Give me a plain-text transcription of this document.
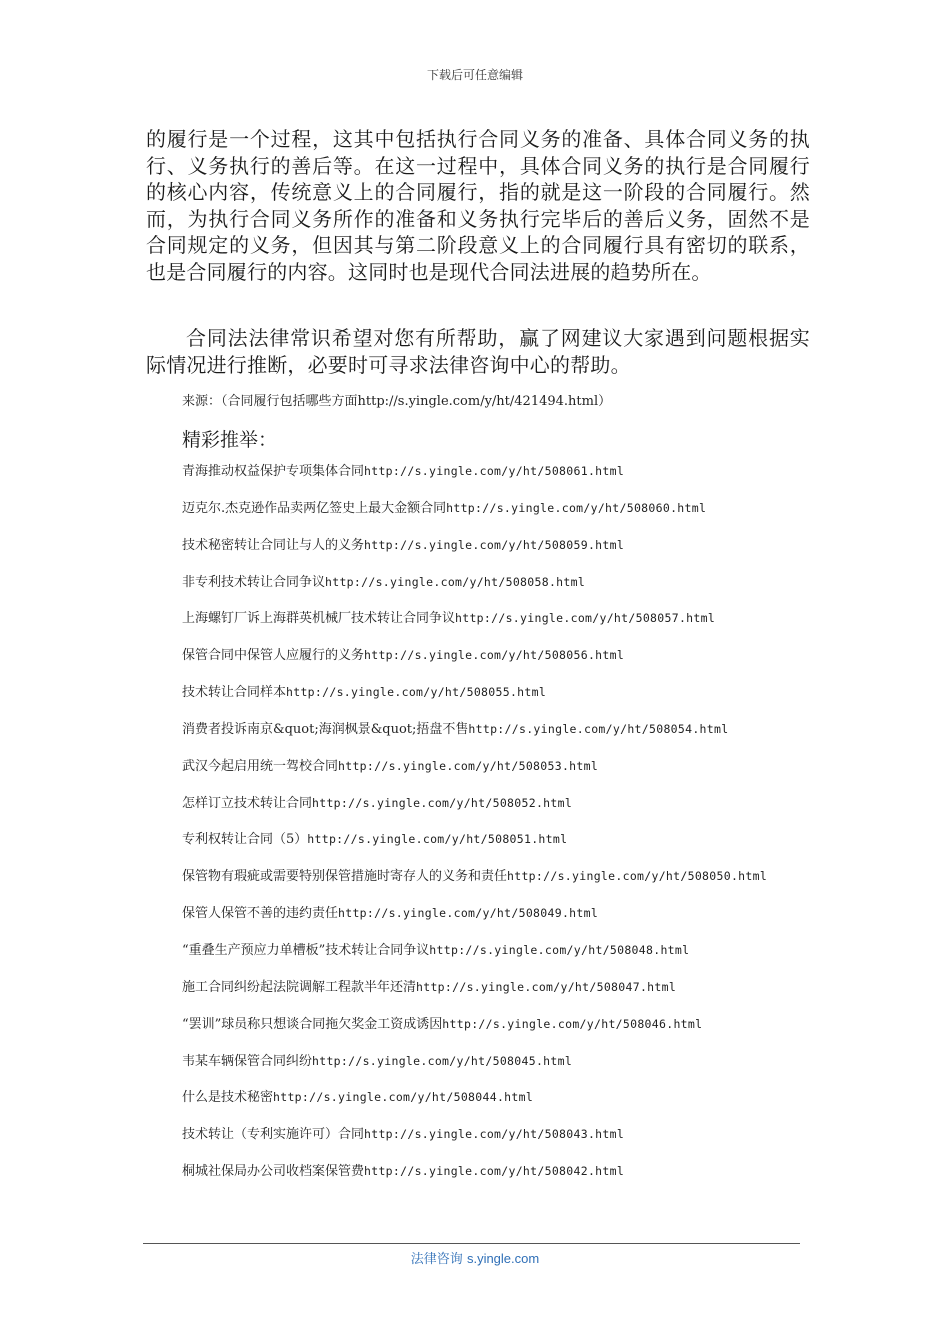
下载后可任意编辑
的履行是一个过程，这其中包括执行合同义务的准备、具体合同义务的执行、义务执行的善后等。在这一过程中，具体合同义务的执行是合同履行的核心内容，传统意义上的合同履行，指的就是这一阶段的合同履行。然而，为执行合同义务所作的准备和义务执行完毕后的善后义务，固然不是合同规定的义务，但因其与第二阶段意义上的合同履行具有密切的联系，也是合同履行的内容。这同时也是现代合同法进展的趋势所在。
合同法法律常识希望对您有所帮助，赢了网建议大家遇到问题根据实际情况进行推断，必要时可寻求法律咨询中心的帮助。
来源：（合同履行包括哪些方面http://s.yingle.com/y/ht/421494.html）
精彩推举：
青海推动权益保护专项集体合同http://s.yingle.com/y/ht/508061.html
迈克尔.杰克逊作品卖两亿签史上最大金额合同http://s.yingle.com/y/ht/508060.html
技术秘密转让合同让与人的义务http://s.yingle.com/y/ht/508059.html
非专利技术转让合同争议http://s.yingle.com/y/ht/508058.html
上海螺钉厂诉上海群英机械厂技术转让合同争议http://s.yingle.com/y/ht/508057.html
保管合同中保管人应履行的义务http://s.yingle.com/y/ht/508056.html
技术转让合同样本http://s.yingle.com/y/ht/508055.html
消费者投诉南京&quot;海润枫景&quot;捂盘不售http://s.yingle.com/y/ht/508054.html
武汉今起启用统一驾校合同http://s.yingle.com/y/ht/508053.html
怎样订立技术转让合同http://s.yingle.com/y/ht/508052.html
专利权转让合同（5）http://s.yingle.com/y/ht/508051.html
保管物有瑕疵或需要特别保管措施时寄存人的义务和责任http://s.yingle.com/y/ht/508050.html
保管人保管不善的违约责任http://s.yingle.com/y/ht/508049.html
“重叠生产预应力单槽板”技术转让合同争议http://s.yingle.com/y/ht/508048.html
施工合同纠纷起法院调解工程款半年还清http://s.yingle.com/y/ht/508047.html
“罢训”球员称只想谈合同拖欠奖金工资成诱因http://s.yingle.com/y/ht/508046.html
韦某车辆保管合同纠纷http://s.yingle.com/y/ht/508045.html
什么是技术秘密http://s.yingle.com/y/ht/508044.html
技术转让（专利实施许可）合同http://s.yingle.com/y/ht/508043.html
桐城社保局办公司收档案保管费http://s.yingle.com/y/ht/508042.html
法律咨询 s.yingle.com
